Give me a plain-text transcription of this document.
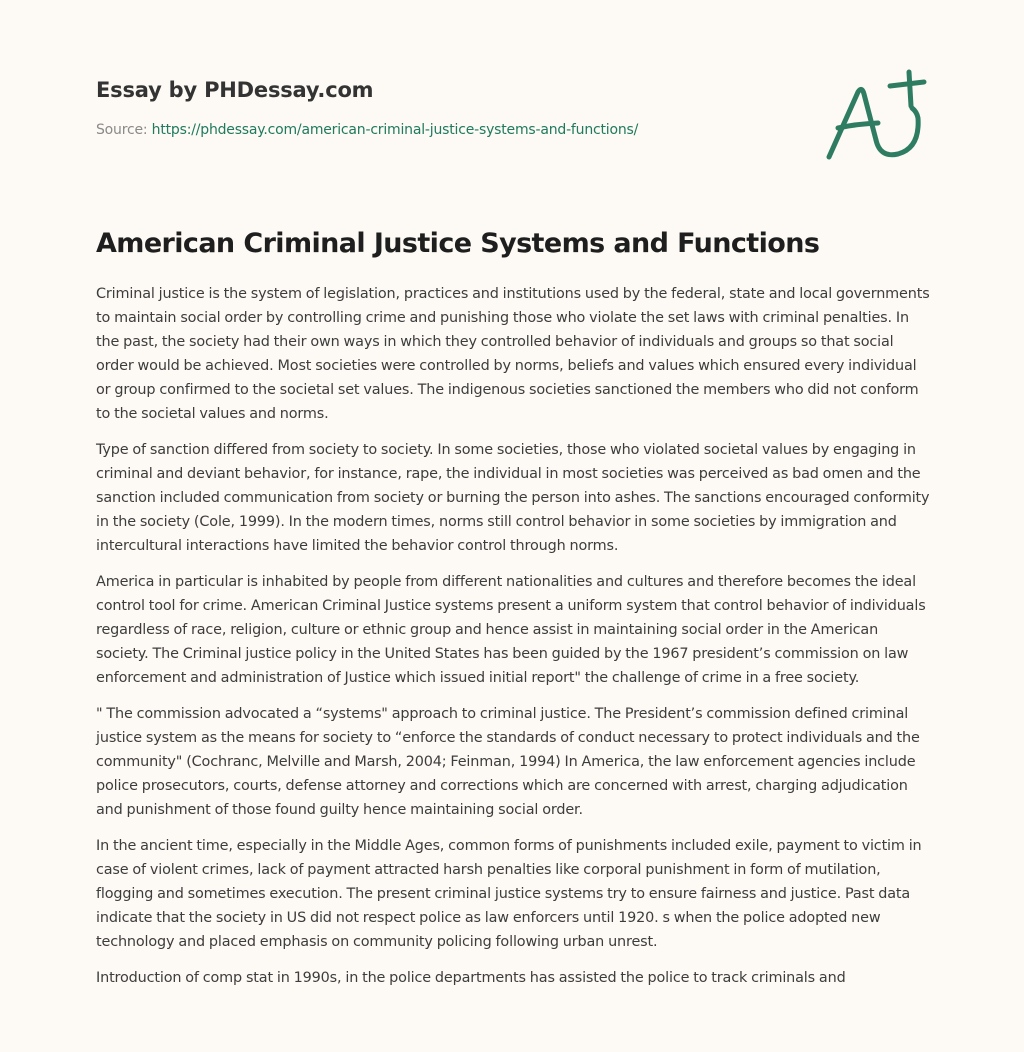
Essay by PHDessay.com
Source: https://phdessay.com/american-criminal-justice-systems-and-functions/
American Criminal Justice Systems and Functions

Criminal justice is the system of legislation, practices and institutions used by the federal, state and local governments to maintain social order by controlling crime and punishing those who violate the set laws with criminal penalties. In the past, the society had their own ways in which they controlled behavior of individuals and groups so that social order would be achieved. Most societies were controlled by norms, beliefs and values which ensured every individual or group confirmed to the societal set values. The indigenous societies sanctioned the members who did not conform to the societal values and norms.

Type of sanction differed from society to society. In some societies, those who violated societal values by engaging in criminal and deviant behavior, for instance, rape, the individual in most societies was perceived as bad omen and the sanction included communication from society or burning the person into ashes. The sanctions encouraged conformity in the society (Cole, 1999). In the modern times, norms still control behavior in some societies by immigration and intercultural interactions have limited the behavior control through norms.

America in particular is inhabited by people from different nationalities and cultures and therefore becomes the ideal control tool for crime. American Criminal Justice systems present a uniform system that control behavior of individuals regardless of race, religion, culture or ethnic group and hence assist in maintaining social order in the American society. The Criminal justice policy in the United States has been guided by the 1967 president’s commission on law enforcement and administration of Justice which issued initial report" the challenge of crime in a free society.

" The commission advocated a “systems" approach to criminal justice. The President’s commission defined criminal justice system as the means for society to “enforce the standards of conduct necessary to protect individuals and the community" (Cochranc, Melville and Marsh, 2004; Feinman, 1994) In America, the law enforcement agencies include police prosecutors, courts, defense attorney and corrections which are concerned with arrest, charging adjudication and punishment of those found guilty hence maintaining social order.

In the ancient time, especially in the Middle Ages, common forms of punishments included exile, payment to victim in case of violent crimes, lack of payment attracted harsh penalties like corporal punishment in form of mutilation, flogging and sometimes execution. The present criminal justice systems try to ensure fairness and justice. Past data indicate that the society in US did not respect police as law enforcers until 1920. s when the police adopted new technology and placed emphasis on community policing following urban unrest.

Introduction of comp stat in 1990s, in the police departments has assisted the police to track criminals and
